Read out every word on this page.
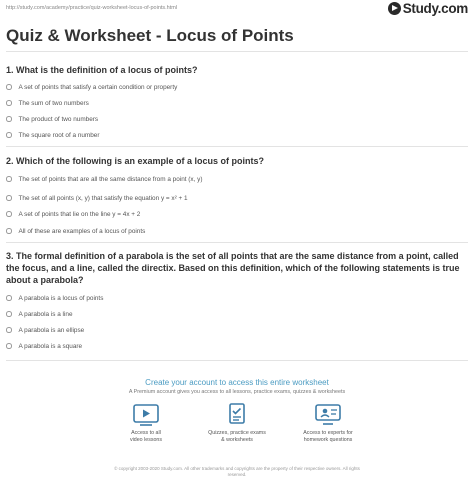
http://study.com/academy/practice/quiz-worksheet-locus-of-points.html	Study.com
Quiz & Worksheet - Locus of Points
1. What is the definition of a locus of points?
A set of points that satisfy a certain condition or property
The sum of two numbers
The product of two numbers
The square root of a number
2. Which of the following is an example of a locus of points?
The set of points that are all the same distance from a point (x, y)
The set of all points (x, y) that satisfy the equation y = x² + 1
A set of points that lie on the line y = 4x + 2
All of these are examples of a locus of points
3. The formal definition of a parabola is the set of all points that are the same distance from a point, called the focus, and a line, called the directix. Based on this definition, which of the following statements is true about a parabola?
A parabola is a locus of points
A parabola is a line
A parabola is an ellipse
A parabola is a square
Create your account to access this entire worksheet
A Premium account gives you access to all lessons, practice exams, quizzes & worksheets
Access to all
video lessons
Quizzes, practice exams
& worksheets
Access to experts for
homework questions
© copyright 2003-2020 Study.com. All other trademarks and copyrights are the property of their respective owners. All rights
reserved.
